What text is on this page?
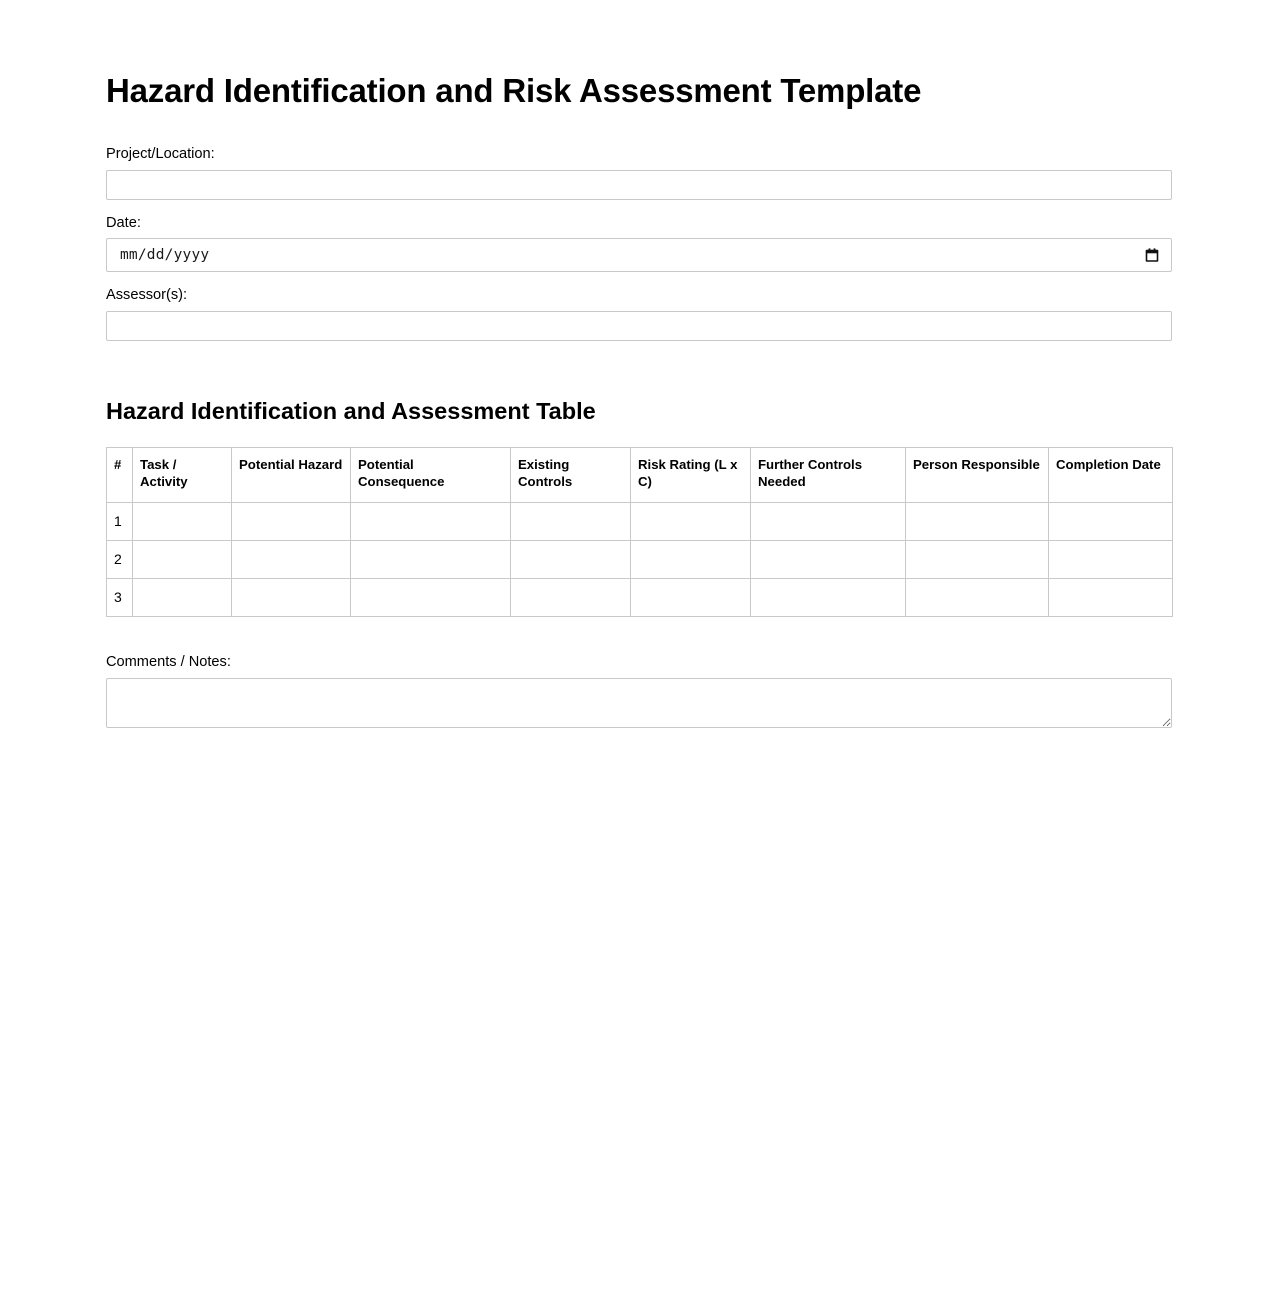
Hazard Identification and Risk Assessment Template
Project/Location:
Date:
mm/dd/yyyy
Assessor(s):
Hazard Identification and Assessment Table
#	Task / Activity	Potential Hazard	Potential Consequence	Existing Controls	Risk Rating (L x C)	Further Controls Needed	Person Responsible	Completion Date
1	

2	

3	

Comments / Notes:
